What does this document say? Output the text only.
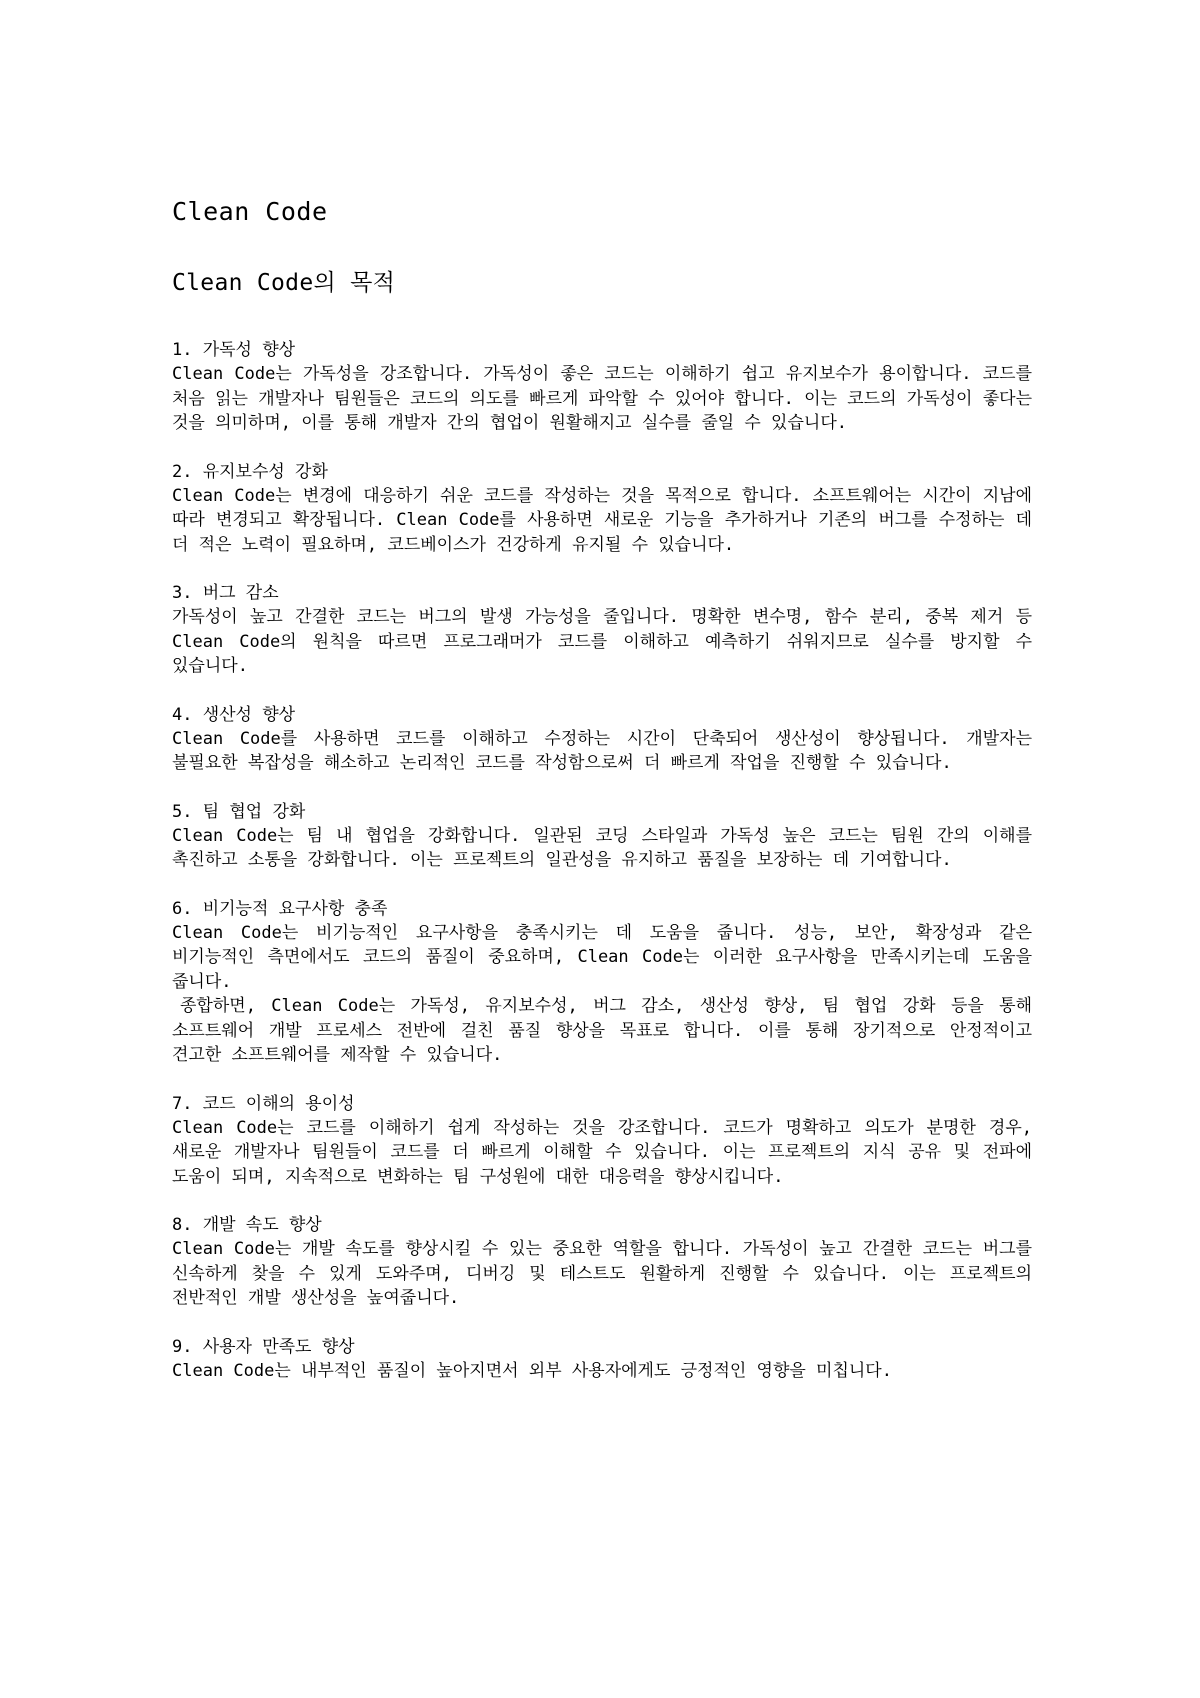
Clean Code
Clean Code의 목적
1. 가독성 향상

Clean Code는 가독성을 강조합니다. 가독성이 좋은 코드는 이해하기 쉽고 유지보수가 용이합니다. 코드를 처음 읽는 개발자나 팀원들은 코드의 의도를 빠르게 파악할 수 있어야 합니다. 이는 코드의 가독성이 좋다는 것을 의미하며, 이를 통해 개발자 간의 협업이 원활해지고 실수를 줄일 수 있습니다.

2. 유지보수성 강화

Clean Code는 변경에 대응하기 쉬운 코드를 작성하는 것을 목적으로 합니다. 소프트웨어는 시간이 지남에 따라 변경되고 확장됩니다. Clean Code를 사용하면 새로운 기능을 추가하거나 기존의 버그를 수정하는 데 더 적은 노력이 필요하며, 코드베이스가 건강하게 유지될 수 있습니다.

3. 버그 감소

가독성이 높고 간결한 코드는 버그의 발생 가능성을 줄입니다. 명확한 변수명, 함수 분리, 중복 제거 등 Clean Code의 원칙을 따르면 프로그래머가 코드를 이해하고 예측하기 쉬워지므로 실수를 방지할 수 있습니다.

4. 생산성 향상

Clean Code를 사용하면 코드를 이해하고 수정하는 시간이 단축되어 생산성이 향상됩니다. 개발자는 불필요한 복잡성을 해소하고 논리적인 코드를 작성함으로써 더 빠르게 작업을 진행할 수 있습니다.

5. 팀 협업 강화

Clean Code는 팀 내 협업을 강화합니다. 일관된 코딩 스타일과 가독성 높은 코드는 팀원 간의 이해를 촉진하고 소통을 강화합니다. 이는 프로젝트의 일관성을 유지하고 품질을 보장하는 데 기여합니다.

6. 비기능적 요구사항 충족

Clean Code는 비기능적인 요구사항을 충족시키는 데 도움을 줍니다. 성능, 보안, 확장성과 같은 비기능적인 측면에서도 코드의 품질이 중요하며, Clean Code는 이러한 요구사항을 만족시키는데 도움을 줍니다.

종합하면, Clean Code는 가독성, 유지보수성, 버그 감소, 생산성 향상, 팀 협업 강화 등을 통해 소프트웨어 개발 프로세스 전반에 걸친 품질 향상을 목표로 합니다. 이를 통해 장기적으로 안정적이고 견고한 소프트웨어를 제작할 수 있습니다.

7. 코드 이해의 용이성

Clean Code는 코드를 이해하기 쉽게 작성하는 것을 강조합니다. 코드가 명확하고 의도가 분명한 경우, 새로운 개발자나 팀원들이 코드를 더 빠르게 이해할 수 있습니다. 이는 프로젝트의 지식 공유 및 전파에 도움이 되며, 지속적으로 변화하는 팀 구성원에 대한 대응력을 향상시킵니다.

8. 개발 속도 향상

Clean Code는 개발 속도를 향상시킬 수 있는 중요한 역할을 합니다. 가독성이 높고 간결한 코드는 버그를 신속하게 찾을 수 있게 도와주며, 디버깅 및 테스트도 원활하게 진행할 수 있습니다. 이는 프로젝트의 전반적인 개발 생산성을 높여줍니다.

9. 사용자 만족도 향상

Clean Code는 내부적인 품질이 높아지면서 외부 사용자에게도 긍정적인 영향을 미칩니다.
